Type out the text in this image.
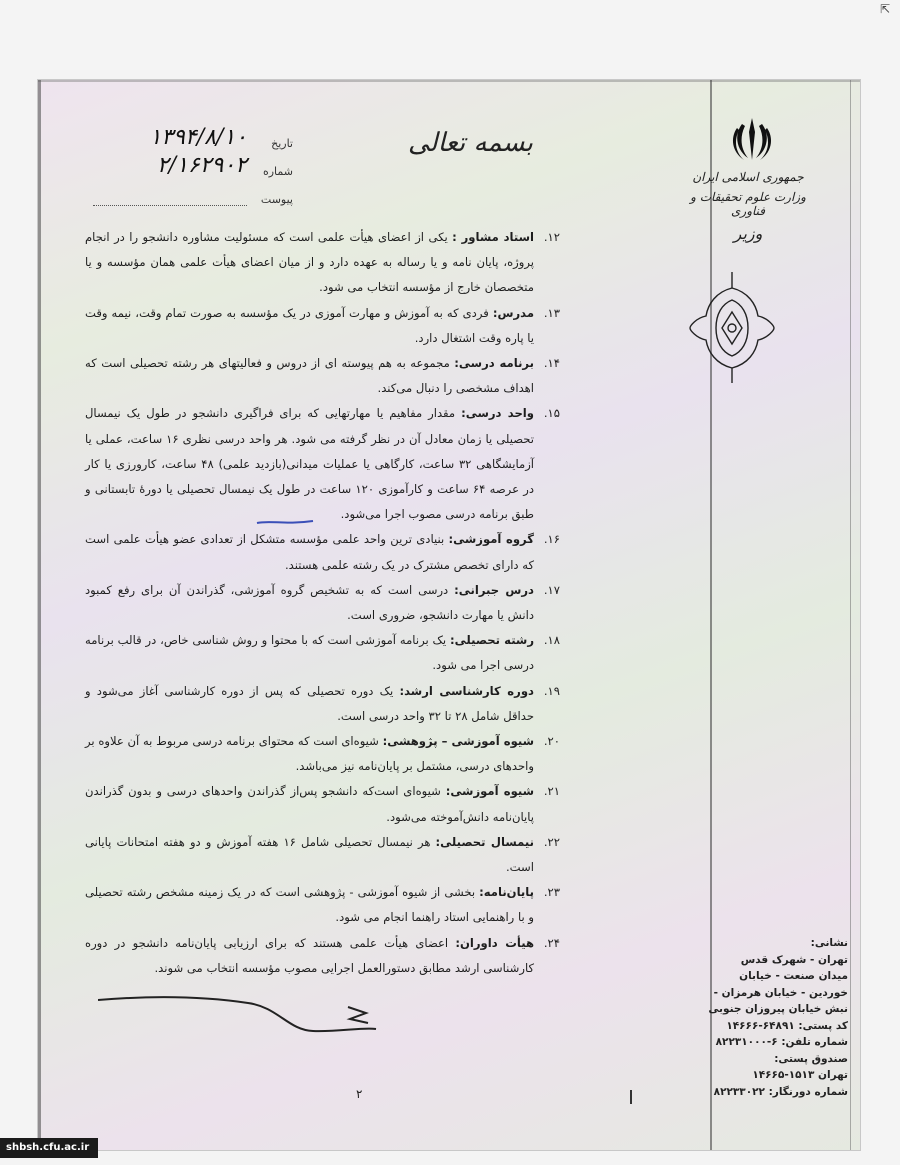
⇱
بسمه تعالی
تاریخ
۱۳۹۴/۸/۱۰
شماره
۲/۱۶۲۹۰۲
پیوست
جمهوری اسلامی ایران
وزارت علوم تحقیقات و فناوری
وزیر
نشانی:
تهران - شهرک قدس
میدان صنعت - خیابان
خوردین - خیابان هرمزان -
نبش خیابان پیروزان جنوبی
کد پستی: ۶۴۸۹۱-۱۴۶۶۶
شماره تلفن: ۶-۸۲۲۳۱۰۰۰
صندوق پستی:
تهران ۱۵۱۳-۱۴۶۶۵
شماره دورنگار: ۸۲۲۳۳۰۲۲
۲
۱۲.
استاد مشاور : یکی از اعضای هیأت علمی است که مسئولیت مشاوره دانشجو را در انجام پروژه، پایان نامه و یا رساله به عهده دارد و از میان اعضای هیأت علمی همان مؤسسه و یا متخصصان خارج از مؤسسه انتخاب می شود.
۱۳.
مدرس: فردی که به آموزش و مهارت آموزی در یک مؤسسه به صورت تمام وقت، نیمه وقت یا پاره وقت اشتغال دارد.
۱۴.
برنامه درسی: مجموعه به هم پیوسته ای از دروس و فعالیتهای هر رشته تحصیلی است که اهداف مشخصی را دنبال می‌کند.
۱۵.
واحد درسی: مقدار مفاهیم یا مهارتهایی که برای فراگیری دانشجو در طول یک نیمسال تحصیلی یا زمان معادل آن در نظر گرفته می شود. هر واحد درسی نظری ۱۶ ساعت، عملی یا آزمایشگاهی ۳۲ ساعت، کارگاهی یا عملیات میدانی(بازدید علمی) ۴۸ ساعت، کارورزی یا کار در عرصه ۶۴ ساعت و کارآموزی ۱۲۰ ساعت در طول یک نیمسال تحصیلی یا دورهٔ تابستانی و طبق برنامه درسی مصوب اجرا می‌شود.
۱۶.
گروه آموزشی: بنیادی ترین واحد علمی مؤسسه متشکل از تعدادی عضو هیأت علمی است که دارای تخصص مشترک در یک رشته علمی هستند.
۱۷.
درس جبرانی: درسی است که به تشخیص گروه آموزشی، گذراندن آن برای رفع کمبود دانش یا مهارت دانشجو، ضروری است.
۱۸.
رشته تحصیلی: یک برنامه آموزشی است که با محتوا و روش شناسی خاص، در قالب برنامه درسی اجرا می شود.
۱۹.
دوره کارشناسی ارشد: یک دوره تحصیلی که پس از دوره کارشناسی آغاز می‌شود و حداقل شامل ۲۸ تا ۳۲ واحد درسی است.
۲۰.
شیوه آموزشی – پژوهشی: شیوه‌ای است که محتوای برنامه درسی مربوط به آن علاوه بر واحدهای درسی، مشتمل بر پایان‌نامه نیز می‌باشد.
۲۱.
شیوه آموزشی: شیوه‌ای است‌که دانشجو پس‌از گذراندن واحدهای درسی و بدون گذراندن پایان‌نامه دانش‌آموخته می‌شود.
۲۲.
نیمسال تحصیلی: هر نیمسال تحصیلی شامل ۱۶ هفته آموزش و دو هفته امتحانات پایانی است.
۲۳.
پایان‌نامه: بخشی از شیوه آموزشی - پژوهشی است که در یک زمینه مشخص رشته تحصیلی و با راهنمایی استاد راهنما انجام می شود.
۲۴.
هیأت داوران: اعضای هیأت علمی هستند که برای ارزیابی پایان‌نامه دانشجو در دوره کارشناسی ارشد مطابق دستورالعمل اجرایی مصوب مؤسسه انتخاب می شوند.
shbsh.cfu.ac.ir
